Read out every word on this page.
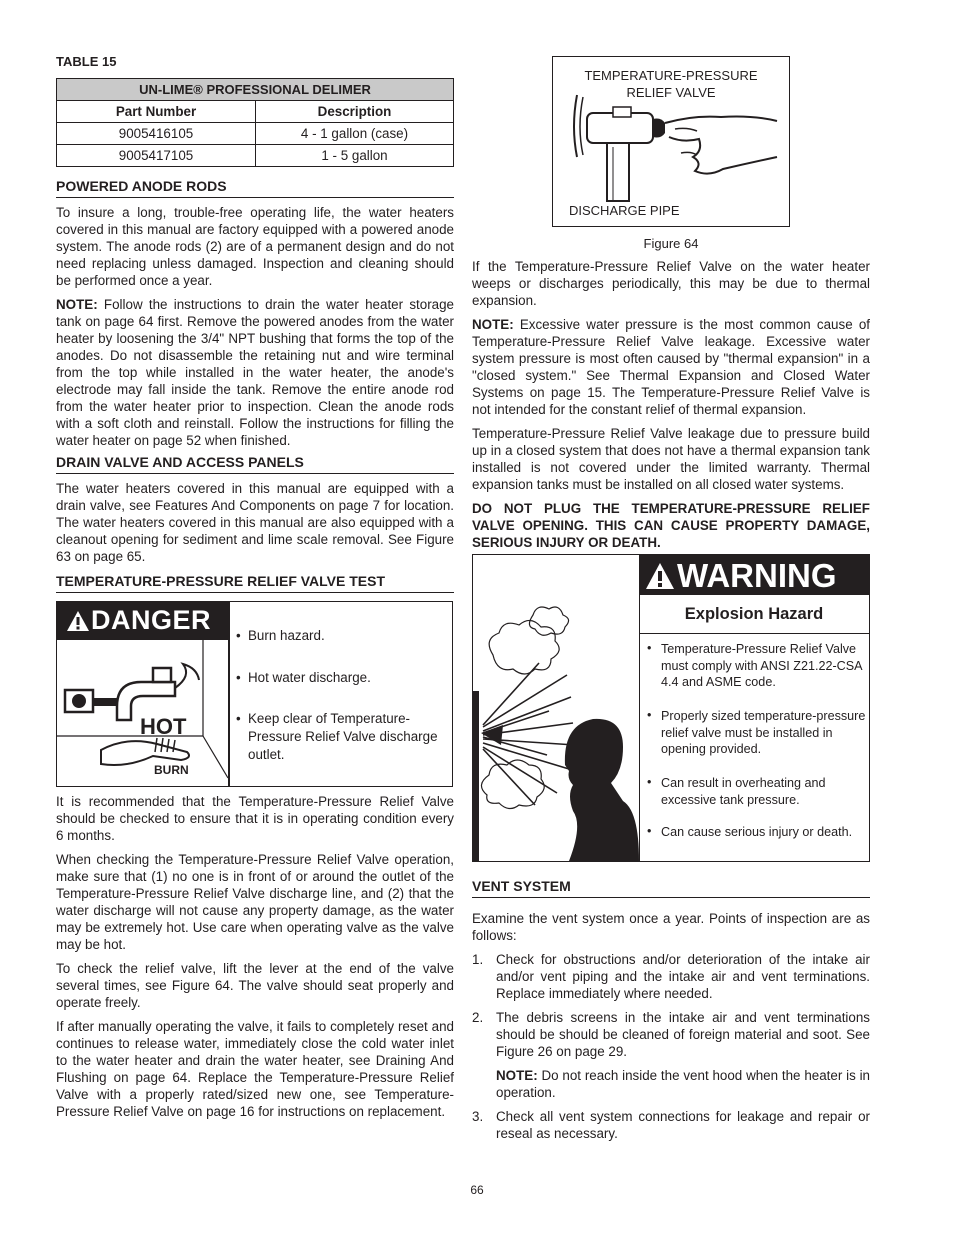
TABLE 15
UN-LIME® PROFESSIONAL DELIMER	
Part Number	Description
9005416105	4 - 1 gallon (case)
9005417105	1 - 5 gallon
POWERED ANODE RODS

To insure a long, trouble-free operating life, the water heaters covered in this manual are factory equipped with a powered anode system. The anode rods (2) are of a permanent design and do not need replacing unless damaged. Inspection and cleaning should be performed once a year.

NOTE: Follow the instructions to drain the water heater storage tank on page 64 first. Remove the powered anodes from the water heater by loosening the 3/4" NPT bushing that forms the top of the anodes. Do not disassemble the retaining nut and wire terminal from the top while installed in the water heater, the anode's electrode may fall inside the tank. Remove the entire anode rod from the water heater prior to inspection. Clean the anode rods with a soft cloth and reinstall. Follow the instructions for filling the water heater on page 52 when finished.

DRAIN VALVE AND ACCESS PANELS

The water heaters covered in this manual are equipped with a drain valve, see Features And Components on page 7 for location. The water heaters covered in this manual are also equipped with a cleanout opening for sediment and lime scale removal. See Figure 63 on page 65.

TEMPERATURE-PRESSURE RELIEF VALVE TEST
DANGER
HOT
BURN
• Burn hazard.
• Hot water discharge.
• Keep clear of Temperature-Pressure Relief Valve discharge outlet.

It is recommended that the Temperature-Pressure Relief Valve should be checked to ensure that it is in operating condition every 6 months.

When checking the Temperature-Pressure Relief Valve operation, make sure that (1) no one is in front of or around the outlet of the Temperature-Pressure Relief Valve discharge line, and (2) that the water discharge will not cause any property damage, as the water may be extremely hot. Use care when operating valve as the valve may be hot.

To check the relief valve, lift the lever at the end of the valve several times, see Figure 64. The valve should seat properly and operate freely.

If after manually operating the valve, it fails to completely reset and continues to release water, immediately close the cold water inlet to the water heater and drain the water heater, see Draining And Flushing on page 64. Replace the Temperature-Pressure Relief Valve with a properly rated/sized new one, see Temperature-Pressure Relief Valve on page 16 for instructions on replacement.

TEMPERATURE-PRESSURE
RELIEF VALVE
DISCHARGE PIPE
Figure 64

If the Temperature-Pressure Relief Valve on the water heater weeps or discharges periodically, this may be due to thermal expansion.

NOTE: Excessive water pressure is the most common cause of Temperature-Pressure Relief Valve leakage. Excessive water system pressure is most often caused by "thermal expansion" in a "closed system." See Thermal Expansion and Closed Water Systems on page 15. The Temperature-Pressure Relief Valve is not intended for the constant relief of thermal expansion.

Temperature-Pressure Relief Valve leakage due to pressure build up in a closed system that does not have a thermal expansion tank installed is not covered under the limited warranty. Thermal expansion tanks must be installed on all closed water systems.

DO NOT PLUG THE TEMPERATURE-PRESSURE RELIEF VALVE OPENING. THIS CAN CAUSE PROPERTY DAMAGE, SERIOUS INJURY OR DEATH.

WARNING
Explosion Hazard
• Temperature-Pressure Relief Valve must comply with ANSI Z21.22-CSA 4.4 and ASME code.
• Properly sized temperature-pressure relief valve must be installed in opening provided.
• Can result in overheating and excessive tank pressure.
• Can cause serious injury or death.
VENT SYSTEM

Examine the vent system once a year. Points of inspection are as follows:

1. Check for obstructions and/or deterioration of the intake air and/or vent piping and the intake air and vent terminations. Replace immediately where needed.
2. The debris screens in the intake air and vent terminations should be should be cleaned of foreign material and soot. See Figure 26 on page 29.
NOTE: Do not reach inside the vent hood when the heater is in operation.
3. Check all vent system connections for leakage and repair or reseal as necessary.
66
